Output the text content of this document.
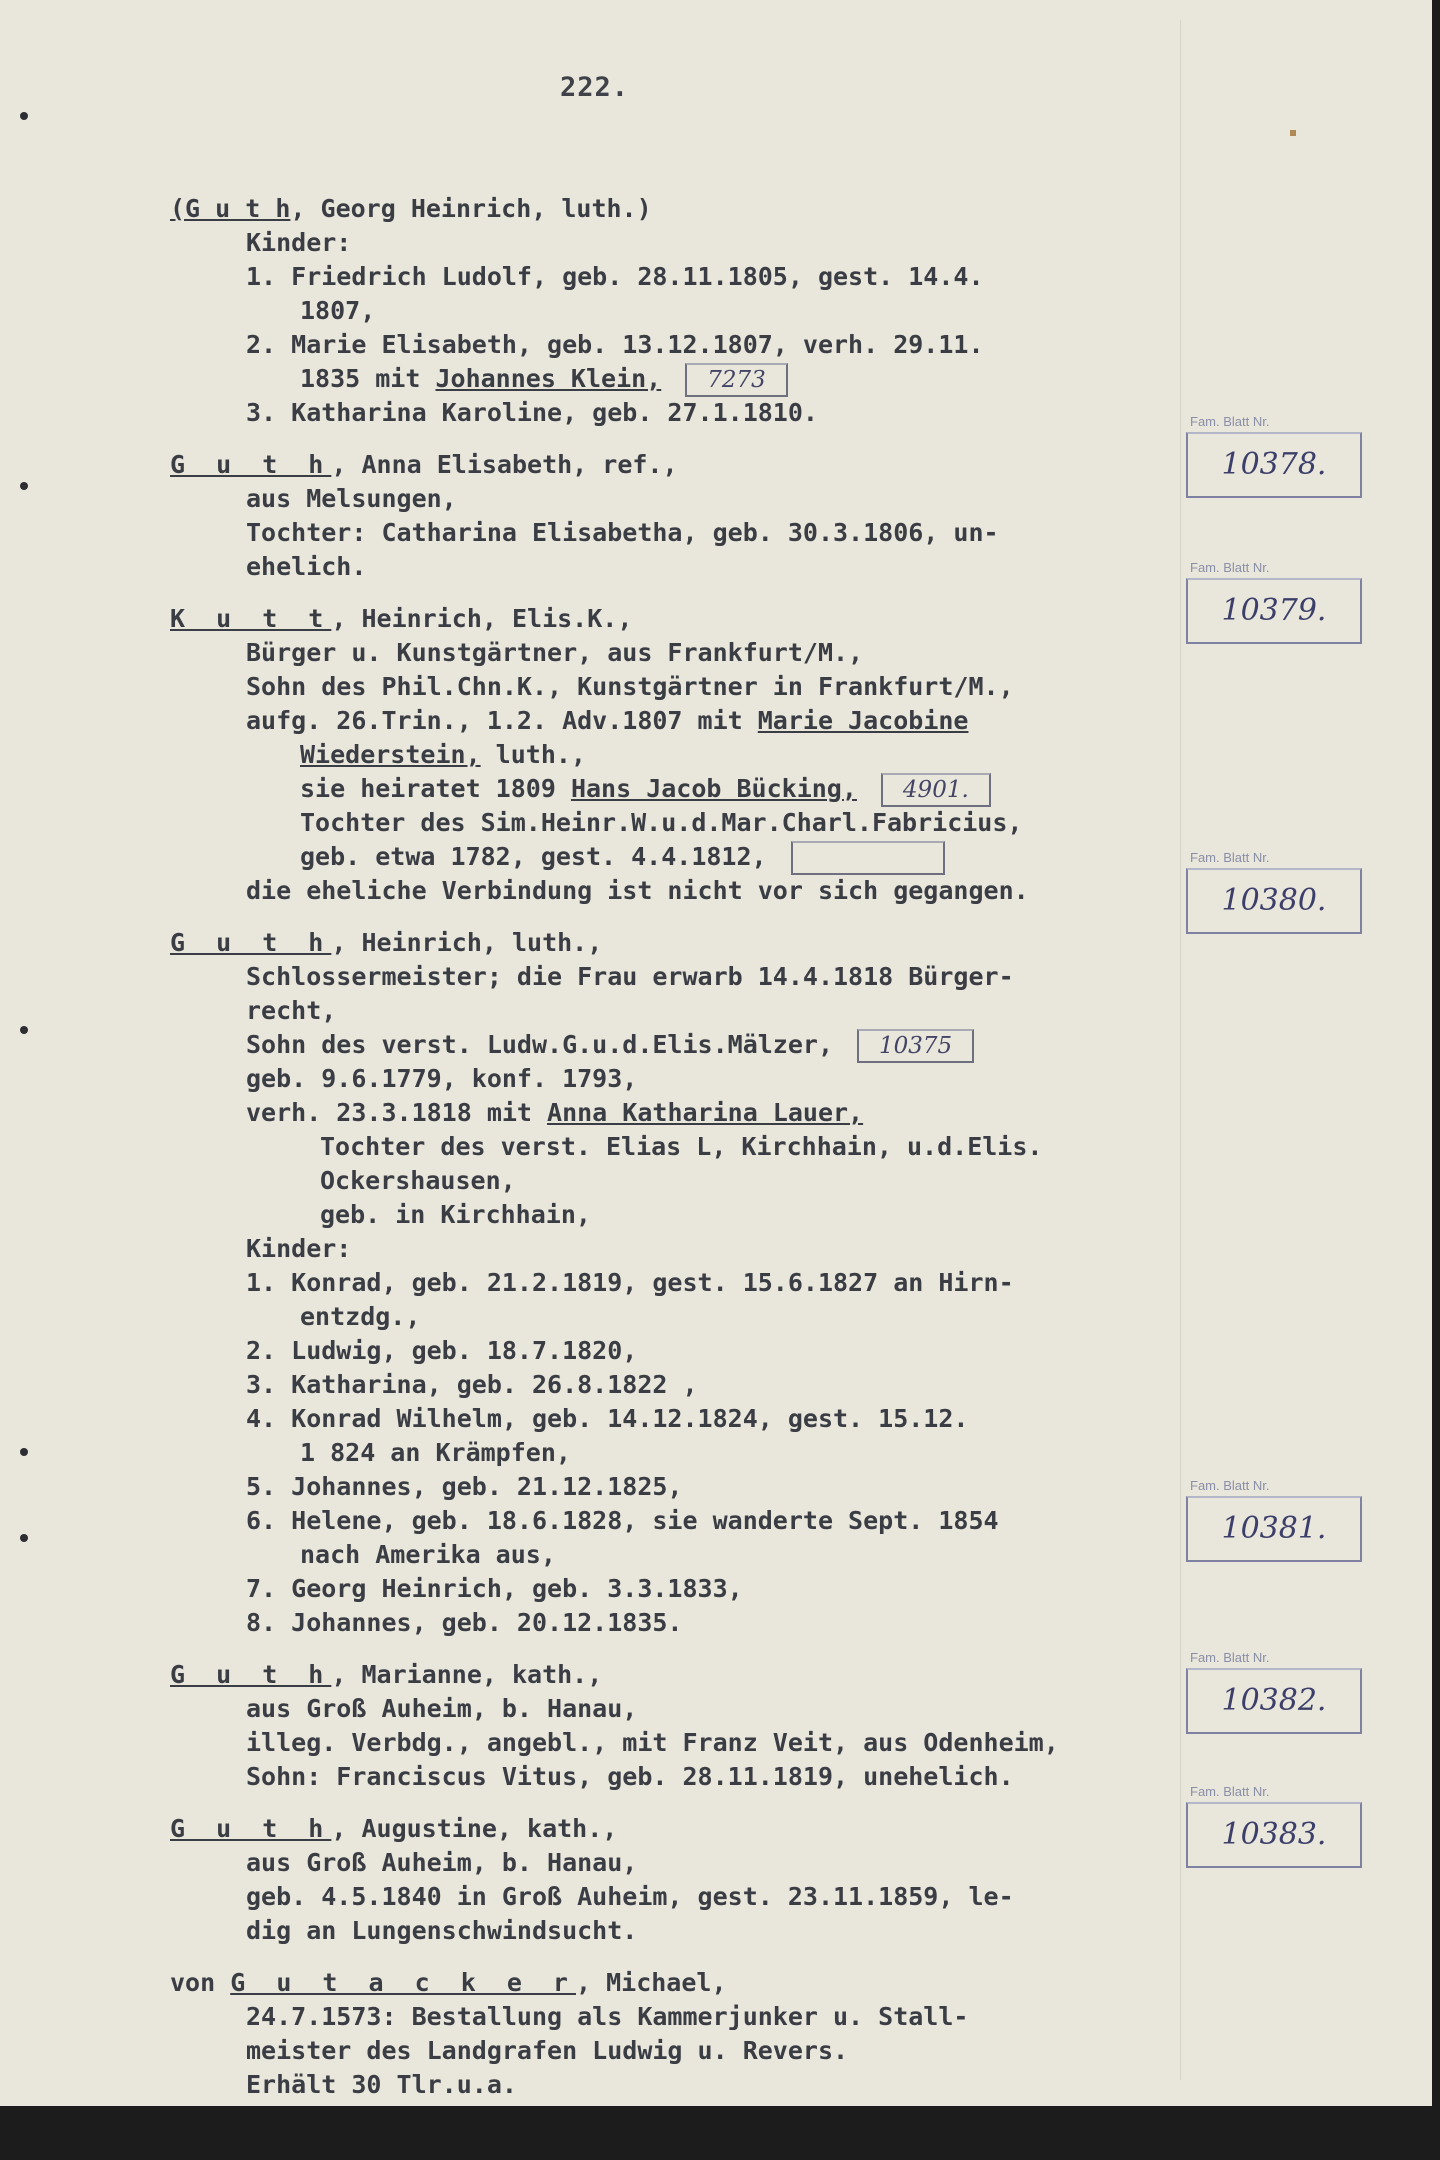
222.
(G u t h, Georg Heinrich, luth.)
Kinder:
1. Friedrich Ludolf, geb. 28.11.1805, gest. 14.4.
1807,
2. Marie Elisabeth, geb. 13.12.1807, verh. 29.11.
1835 mit Johannes Klein, 7273
3. Katharina Karoline, geb. 27.1.1810.
G u t h, Anna Elisabeth, ref.,
aus Melsungen,
Tochter: Catharina Elisabetha, geb. 30.3.1806, un-
ehelich.
K u t t, Heinrich, Elis.K.,
Bürger u. Kunstgärtner, aus Frankfurt/M.,
Sohn des Phil.Chn.K., Kunstgärtner in Frankfurt/M.,
aufg. 26.Trin., 1.2. Adv.1807 mit Marie Jacobine
Wiederstein, luth.,
sie heiratet 1809 Hans Jacob Bücking, 4901.
Tochter des Sim.Heinr.W.u.d.Mar.Charl.Fabricius,
geb. etwa 1782, gest. 4.4.1812,
die eheliche Verbindung ist nicht vor sich gegangen.
G u t h, Heinrich, luth.,
Schlossermeister; die Frau erwarb 14.4.1818 Bürger-
recht,
Sohn des verst. Ludw.G.u.d.Elis.Mälzer, 10375
geb. 9.6.1779, konf. 1793,
verh. 23.3.1818 mit Anna Katharina Lauer,
Tochter des verst. Elias L, Kirchhain, u.d.Elis.
Ockershausen,
geb. in Kirchhain,
Kinder:
1. Konrad, geb. 21.2.1819, gest. 15.6.1827 an Hirn-
entzdg.,
2. Ludwig, geb. 18.7.1820,
3. Katharina, geb. 26.8.1822 ,
4. Konrad Wilhelm, geb. 14.12.1824, gest. 15.12.
1 824 an Krämpfen,
5. Johannes, geb. 21.12.1825,
6. Helene, geb. 18.6.1828, sie wanderte Sept. 1854
nach Amerika aus,
7. Georg Heinrich, geb. 3.3.1833,
8. Johannes, geb. 20.12.1835.
G u t h, Marianne, kath.,
aus Groß Auheim, b. Hanau,
illeg. Verbdg., angebl., mit Franz Veit, aus Odenheim,
Sohn: Franciscus Vitus, geb. 28.11.1819, unehelich.
G u t h, Augustine, kath.,
aus Groß Auheim, b. Hanau,
geb. 4.5.1840 in Groß Auheim, gest. 23.11.1859, le-
dig an Lungenschwindsucht.
von G u t a c k e r, Michael,
24.7.1573: Bestallung als Kammerjunker u. Stall-
meister des Landgrafen Ludwig u. Revers.
Erhält 30 Tlr.u.a.
Fam. Blatt Nr.
10378.
Fam. Blatt Nr.
10379.
Fam. Blatt Nr.
10380.
Fam. Blatt Nr.
10381.
Fam. Blatt Nr.
10382.
Fam. Blatt Nr.
10383.
